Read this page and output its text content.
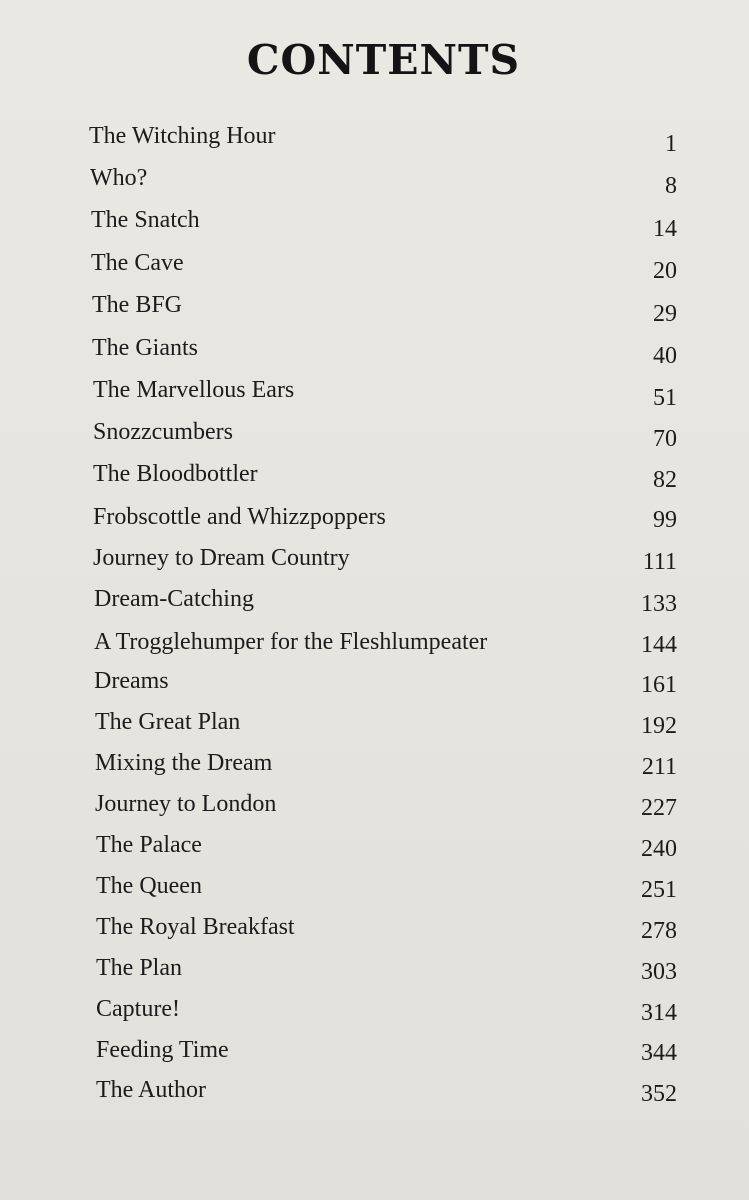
CONTENTS
The Witching Hour	1
Who?	8
The Snatch	14
The Cave	20
The BFG	29
The Giants	40
The Marvellous Ears	51
Snozzcumbers	70
The Bloodbottler	82
Frobscottle and Whizzpoppers	99
Journey to Dream Country	111
Dream-Catching	133
A Trogglehumper for the Fleshlumpeater	144
Dreams	161
The Great Plan	192
Mixing the Dream	211
Journey to London	227
The Palace	240
The Queen	251
The Royal Breakfast	278
The Plan	303
Capture!	314
Feeding Time	344
The Author	352
